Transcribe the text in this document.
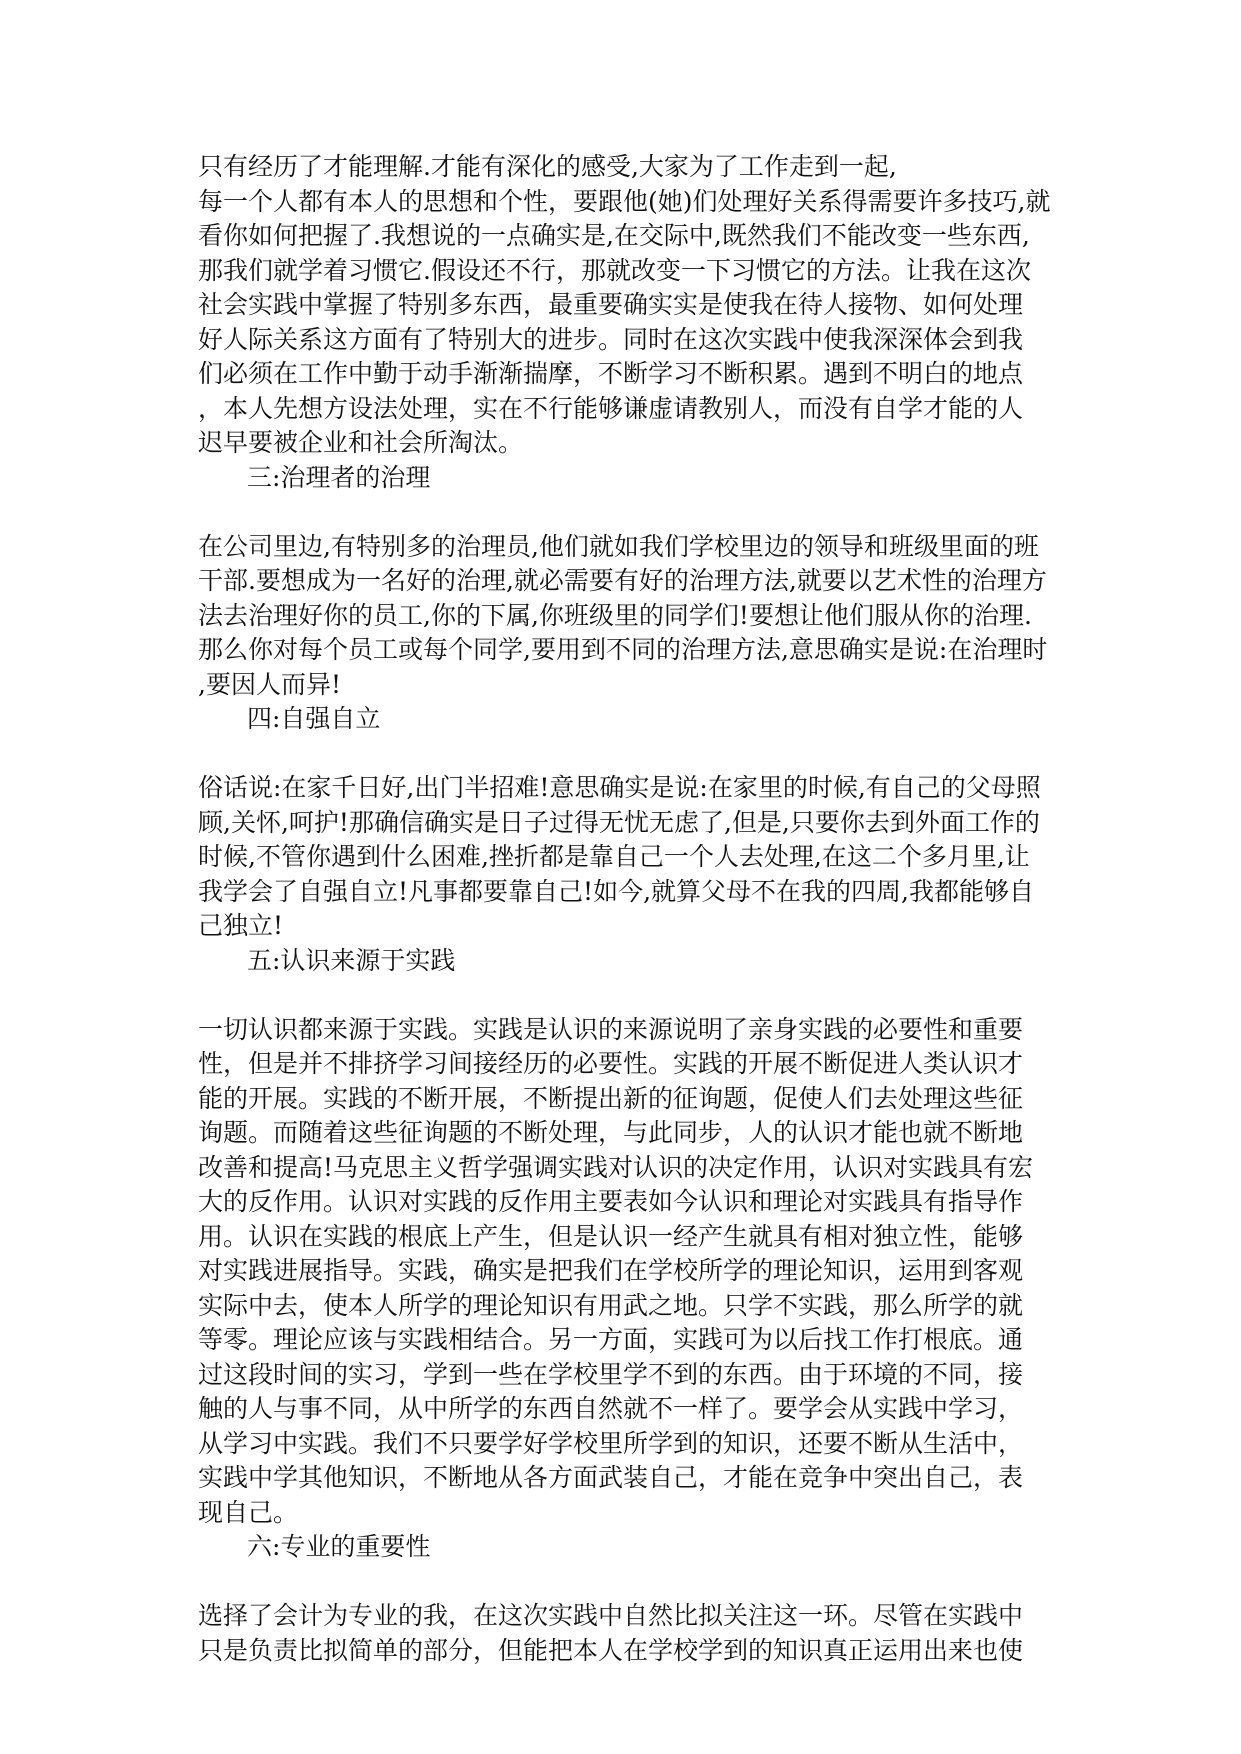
只有经历了才能理解.才能有深化的感受,大家为了工作走到一起,
每一个人都有本人的思想和个性，要跟他(她)们处理好关系得需要许多技巧,就
看你如何把握了.我想说的一点确实是,在交际中,既然我们不能改变一些东西,
那我们就学着习惯它.假设还不行，那就改变一下习惯它的方法。让我在这次
社会实践中掌握了特别多东西，最重要确实实是使我在待人接物、如何处理
好人际关系这方面有了特别大的进步。同时在这次实践中使我深深体会到我
们必须在工作中勤于动手渐渐揣摩，不断学习不断积累。遇到不明白的地点
，本人先想方设法处理，实在不行能够谦虚请教别人，而没有自学才能的人
迟早要被企业和社会所淘汰。
三:治理者的治理
在公司里边,有特别多的治理员,他们就如我们学校里边的领导和班级里面的班
干部.要想成为一名好的治理,就必需要有好的治理方法,就要以艺术性的治理方
法去治理好你的员工,你的下属,你班级里的同学们!要想让他们服从你的治理.
那么你对每个员工或每个同学,要用到不同的治理方法,意思确实是说:在治理时
,要因人而异!
四:自强自立
俗话说:在家千日好,出门半招难!意思确实是说:在家里的时候,有自己的父母照
顾,关怀,呵护!那确信确实是日子过得无忧无虑了,但是,只要你去到外面工作的
时候,不管你遇到什么困难,挫折都是靠自己一个人去处理,在这二个多月里,让
我学会了自强自立!凡事都要靠自己!如今,就算父母不在我的四周,我都能够自
己独立!
五:认识来源于实践
一切认识都来源于实践。实践是认识的来源说明了亲身实践的必要性和重要
性，但是并不排挤学习间接经历的必要性。实践的开展不断促进人类认识才
能的开展。实践的不断开展，不断提出新的征询题，促使人们去处理这些征
询题。而随着这些征询题的不断处理，与此同步，人的认识才能也就不断地
改善和提高!马克思主义哲学强调实践对认识的决定作用，认识对实践具有宏
大的反作用。认识对实践的反作用主要表如今认识和理论对实践具有指导作
用。认识在实践的根底上产生，但是认识一经产生就具有相对独立性，能够
对实践进展指导。实践，确实是把我们在学校所学的理论知识，运用到客观
实际中去，使本人所学的理论知识有用武之地。只学不实践，那么所学的就
等零。理论应该与实践相结合。另一方面，实践可为以后找工作打根底。通
过这段时间的实习，学到一些在学校里学不到的东西。由于环境的不同，接
触的人与事不同，从中所学的东西自然就不一样了。要学会从实践中学习，
从学习中实践。我们不只要学好学校里所学到的知识，还要不断从生活中，
实践中学其他知识，不断地从各方面武装自己，才能在竞争中突出自己，表
现自己。
六:专业的重要性
选择了会计为专业的我，在这次实践中自然比拟关注这一环。尽管在实践中
只是负责比拟简单的部分，但能把本人在学校学到的知识真正运用出来也使
